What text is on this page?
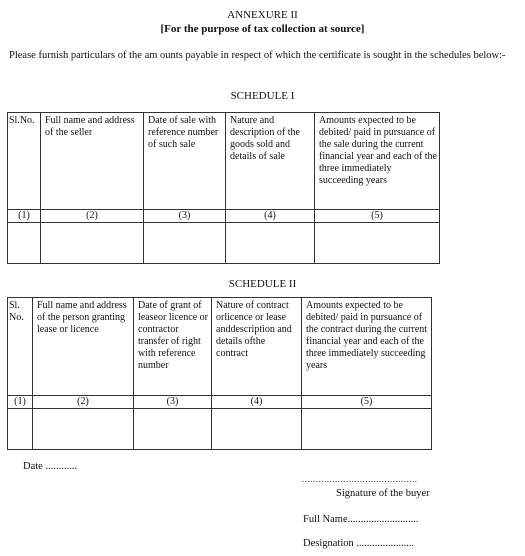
ANNEXURE II
[For the purpose of tax collection at source]
Please furnish particulars of the am ounts payable in respect of which the certificate is sought in the schedules below:-
SCHEDULE I
Sl.No.	Full name and address of the seller	Date of sale with reference number of such sale	Nature and description of the goods sold and details of sale	Amounts expected to be debited/ paid in pursuance of the sale during the current financial year and each of the three immediately succeeding years
(1)	(2)	(3)	(4)	(5)

SCHEDULE II
Sl. No.	Full name and address of the person granting lease or licence	Date of grant of leaseor licence or contractor transfer of right with reference number	Nature of contract orlicence or lease anddescription and details ofthe contract	Amounts expected to be debited/ paid in pursuance of the contract during the current financial year and each of the three immediately succeeding years
(1)	(2)	(3)	(4)	(5)

Date ............
..........................................
Signature of the buyer
Full Name...........................
Designation ......................
